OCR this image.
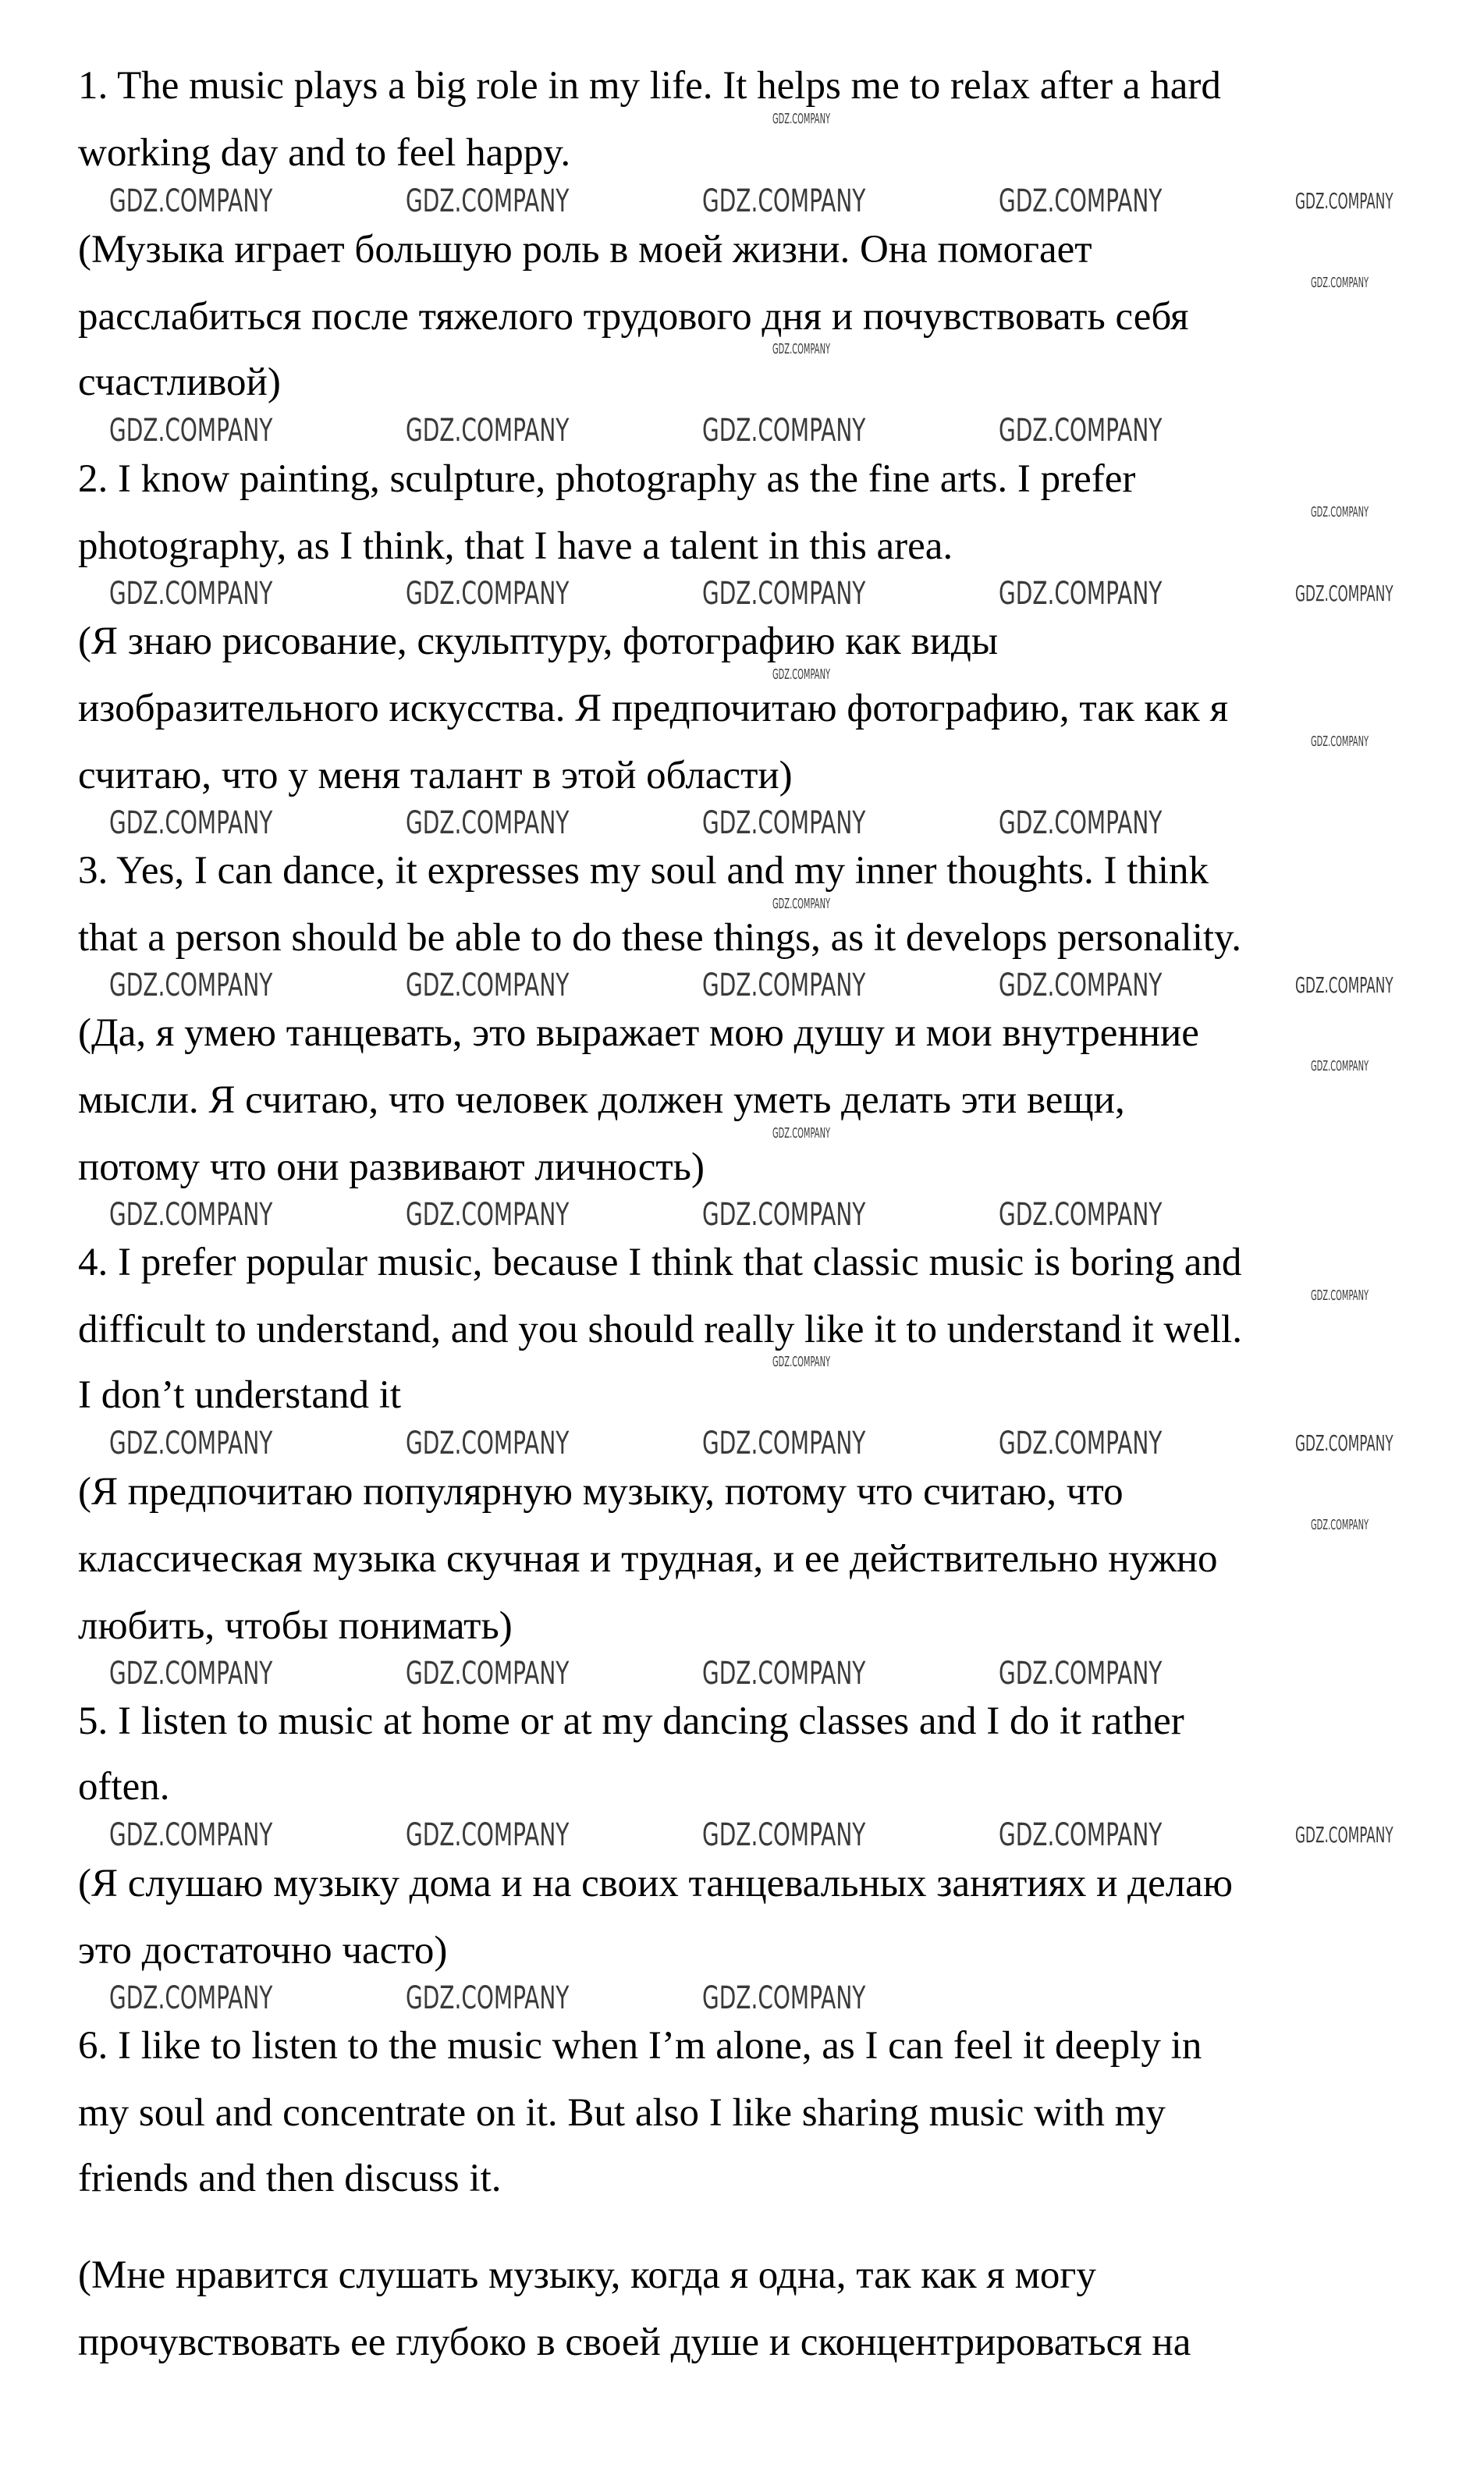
1. The music plays a big role in my life. It helps me to relax after a hard
working day and to feel happy.
(Музыка играет большую роль в моей жизни. Она помогает
расслабиться после тяжелого трудового дня и почувствовать себя
счастливой)
2. I know painting, sculpture, photography as the fine arts. I prefer
photography, as I think, that I have a talent in this area.
(Я знаю рисование, скульптуру, фотографию как виды
изобразительного искусства. Я предпочитаю фотографию, так как я
считаю, что у меня талант в этой области)
3. Yes, I can dance, it expresses my soul and my inner thoughts. I think
that a person should be able to do these things, as it develops personality.
(Да, я умею танцевать, это выражает мою душу и мои внутренние
мысли. Я считаю, что человек должен уметь делать эти вещи,
потому что они развивают личность)
4. I prefer popular music, because I think that classic music is boring and
difficult to understand, and you should really like it to understand it well.
I don’t understand it
(Я предпочитаю популярную музыку, потому что считаю, что
классическая музыка скучная и трудная, и ее действительно нужно
любить, чтобы понимать)
5. I listen to music at home or at my dancing classes and I do it rather
often.
(Я слушаю музыку дома и на своих танцевальных занятиях и делаю
это достаточно часто)
6. I like to listen to the music when I’m alone, as I can feel it deeply in
my soul and concentrate on it. But also I like sharing music with my
friends and then discuss it.
(Мне нравится слушать музыку, когда я одна, так как я могу
прочувствовать ее глубоко в своей душе и сконцентрироваться на
GDZ.COMPANY	GDZ.COMPANY	GDZ.COMPANY	GDZ.COMPANY
GDZ.COMPANY	GDZ.COMPANY	GDZ.COMPANY	GDZ.COMPANY
GDZ.COMPANY	GDZ.COMPANY	GDZ.COMPANY	GDZ.COMPANY
GDZ.COMPANY	GDZ.COMPANY	GDZ.COMPANY	GDZ.COMPANY
GDZ.COMPANY	GDZ.COMPANY	GDZ.COMPANY	GDZ.COMPANY
GDZ.COMPANY	GDZ.COMPANY	GDZ.COMPANY	GDZ.COMPANY
GDZ.COMPANY	GDZ.COMPANY	GDZ.COMPANY	GDZ.COMPANY
GDZ.COMPANY	GDZ.COMPANY	GDZ.COMPANY	GDZ.COMPANY
GDZ.COMPANY	GDZ.COMPANY	GDZ.COMPANY	GDZ.COMPANY
GDZ.COMPANY	GDZ.COMPANY	GDZ.COMPANY
GDZ.COMPANY
GDZ.COMPANY
GDZ.COMPANY
GDZ.COMPANY
GDZ.COMPANY
GDZ.COMPANY
GDZ.COMPANY
GDZ.COMPANY
GDZ.COMPANY
GDZ.COMPANY
GDZ.COMPANY
GDZ.COMPANY
GDZ.COMPANY
GDZ.COMPANY
GDZ.COMPANY
GDZ.COMPANY
GDZ.COMPANY
